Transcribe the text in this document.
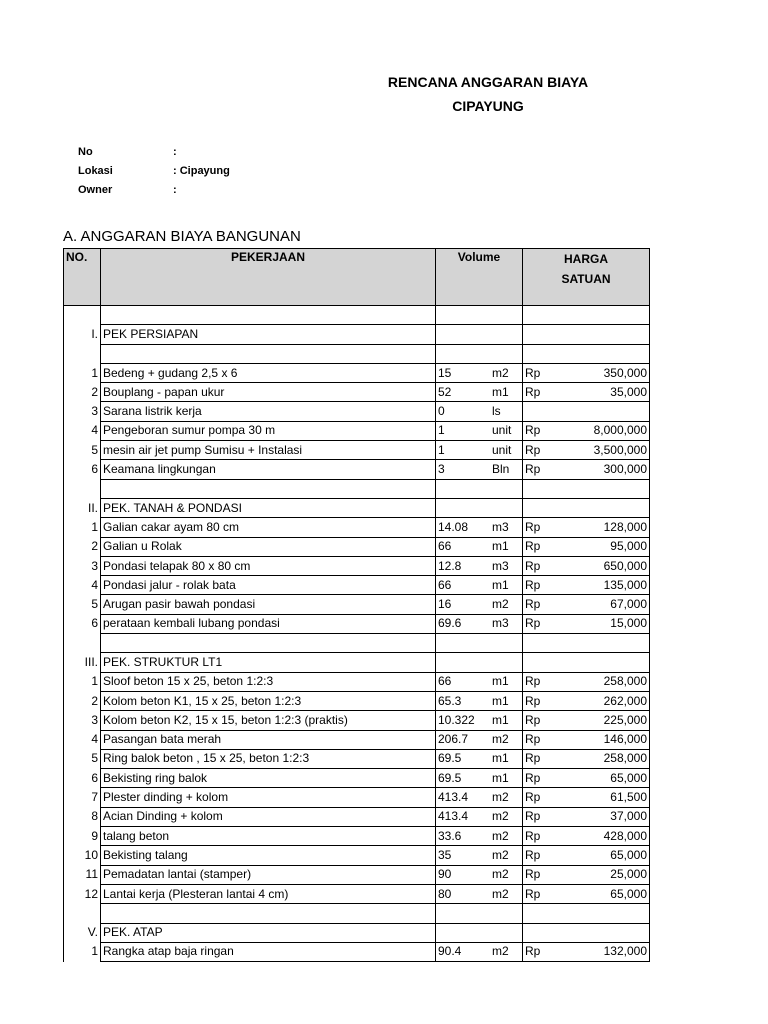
RENCANA ANGGARAN BIAYA
CIPAYUNG
No	:
Lokasi	: Cipayung
Owner	:
A. ANGGARAN BIAYA BANGUNAN
NO.	PEKERJAAN	Volume		HARGA
SATUAN	

I.	PEK PERSIAPAN				

1	Bedeng + gudang 2,5 x 6	15	m2	Rp	350,000
2	Bouplang - papan ukur	52	m1	Rp	35,000
3	Sarana listrik kerja	0	ls		
4	Pengeboran sumur pompa 30 m	1	unit	Rp	8,000,000
5	mesin air jet pump Sumisu + Instalasi	1	unit	Rp	3,500,000
6	Keamana lingkungan	3	Bln	Rp	300,000

II.	PEK. TANAH & PONDASI				
1	Galian cakar ayam 80 cm	14.08	m3	Rp	128,000
2	Galian u Rolak	66	m1	Rp	95,000
3	Pondasi telapak 80 x 80 cm	12.8	m3	Rp	650,000
4	Pondasi jalur - rolak bata	66	m1	Rp	135,000
5	Arugan pasir bawah pondasi	16	m2	Rp	67,000
6	perataan kembali lubang pondasi	69.6	m3	Rp	15,000

III.	PEK. STRUKTUR LT1				
1	Sloof beton 15 x 25, beton 1:2:3	66	m1	Rp	258,000
2	Kolom beton K1, 15 x 25, beton 1:2:3	65.3	m1	Rp	262,000
3	Kolom beton K2, 15 x 15, beton 1:2:3 (praktis)	10.322	m1	Rp	225,000
4	Pasangan bata merah	206.7	m2	Rp	146,000
5	Ring balok beton , 15 x 25, beton 1:2:3	69.5	m1	Rp	258,000
6	Bekisting ring balok	69.5	m1	Rp	65,000
7	Plester dinding + kolom	413.4	m2	Rp	61,500
8	Acian Dinding + kolom	413.4	m2	Rp	37,000
9	talang beton	33.6	m2	Rp	428,000
10	Bekisting talang	35	m2	Rp	65,000
11	Pemadatan lantai (stamper)	90	m2	Rp	25,000
12	Lantai kerja (Plesteran lantai 4 cm)	80	m2	Rp	65,000

V.	PEK. ATAP				
1	Rangka atap baja ringan	90.4	m2	Rp	132,000
